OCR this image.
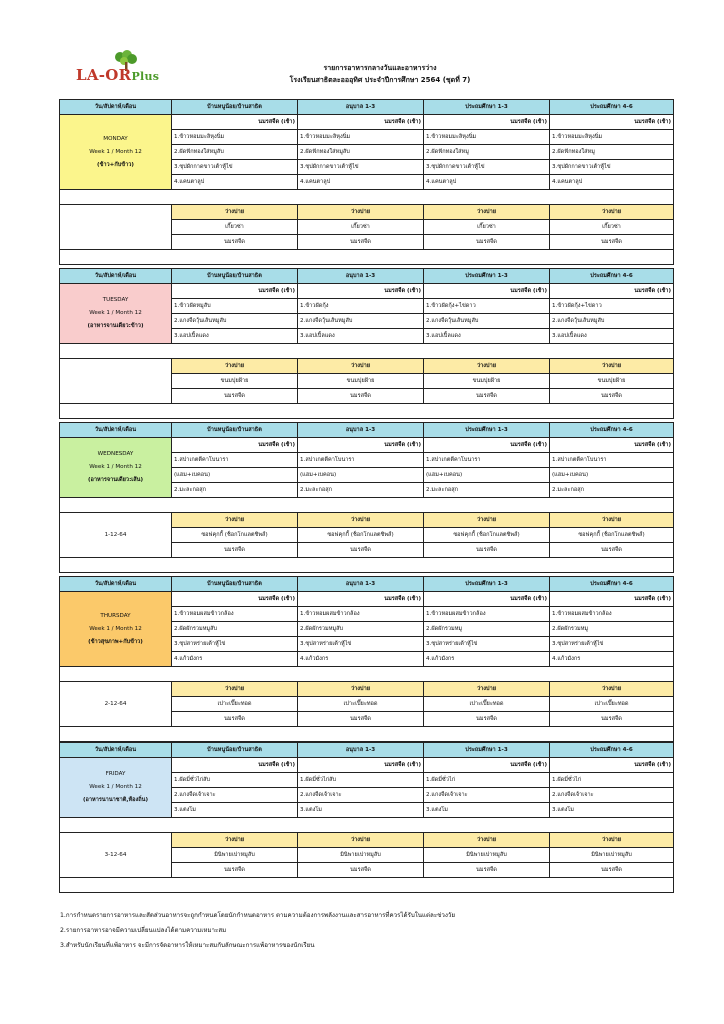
LA-ORPlus
รายการอาหารกลางวันและอาหารว่าง
โรงเรียนสาธิตละอออุทิศ ประจำปีการศึกษา 2564 (ชุดที่ 7)
วัน/สัปดาห์/เดือน	บ้านหนูน้อย/บ้านสาธิต	อนุบาล 1-3	ประถมศึกษา 1-3	ประถมศึกษา 4-6

MONDAY
Week 1 / Month 12
(ข้าว+กับข้าว)	นมรสจืด (เช้า)	นมรสจืด (เช้า)	นมรสจืด (เช้า)	นมรสจืด (เช้า)
	1.ข้าวหอมมะลิหุงนิ่ม	1.ข้าวหอมมะลิหุงนิ่ม	1.ข้าวหอมมะลิหุงนิ่ม	1.ข้าวหอมมะลิหุงนิ่ม
	2.ผัดฟักทองใส่หมูสับ	2.ผัดฟักทองใส่หมูสับ	2.ผัดฟักทองใส่หมู	2.ผัดฟักทองใส่หมู
	3.ซุปผักกาดขาวเต้าหู้ไข่	3.ซุปผักกาดขาวเต้าหู้ไข่	3.ซุปผักกาดขาวเต้าหู้ไข่	3.ซุปผักกาดขาวเต้าหู้ไข่
	4.แคนตาลูป	4.แคนตาลูป	4.แคนตาลูป	4.แคนตาลูป

	ว่างบ่าย	ว่างบ่าย	ว่างบ่าย	ว่างบ่าย
	เกี๊ยวซ่า	เกี๊ยวซ่า	เกี๊ยวซ่า	เกี๊ยวซ่า
	นมรสจืด	นมรสจืด	นมรสจืด	นมรสจืด

วัน/สัปดาห์/เดือน	บ้านหนูน้อย/บ้านสาธิต	อนุบาล 1-3	ประถมศึกษา 1-3	ประถมศึกษา 4-6

TUESDAY
Week 1 / Month 12
(อาหารจานเดียว:ข้าว)	นมรสจืด (เช้า)	นมรสจืด (เช้า)	นมรสจืด (เช้า)	นมรสจืด (เช้า)
	1.ข้าวผัดหมูสับ	1.ข้าวผัดกุ้ง	1.ข้าวผัดกุ้ง+ไข่ดาว	1.ข้าวผัดกุ้ง+ไข่ดาว
	2.แกงจืดวุ้นเส้นหมูสับ	2.แกงจืดวุ้นเส้นหมูสับ	2.แกงจืดวุ้นเส้นหมูสับ	2.แกงจืดวุ้นเส้นหมูสับ
	3.แอปเปิ้ลแดง	3.แอปเปิ้ลแดง	3.แอปเปิ้ลแดง	3.แอปเปิ้ลแดง

	ว่างบ่าย	ว่างบ่าย	ว่างบ่าย	ว่างบ่าย
	ขนมปุยฝ้าย	ขนมปุยฝ้าย	ขนมปุยฝ้าย	ขนมปุยฝ้าย
	นมรสจืด	นมรสจืด	นมรสจืด	นมรสจืด

วัน/สัปดาห์/เดือน	บ้านหนูน้อย/บ้านสาธิต	อนุบาล 1-3	ประถมศึกษา 1-3	ประถมศึกษา 4-6

WEDNESDAY
Week 1 / Month 12
(อาหารจานเดียว:เส้น)	นมรสจืด (เช้า)	นมรสจืด (เช้า)	นมรสจืด (เช้า)	นมรสจืด (เช้า)
	1.สปาเกตตีคาโบนารา	1.สปาเกตตีคาโบนารา	1.สปาเกตตีคาโบนารา	1.สปาเกตตีคาโบนารา
	(แฮม+เบคอน)	(แฮม+เบคอน)	(แฮม+เบคอน)	(แฮม+เบคอน)
	2.มะละกอสุก	2.มะละกอสุก	2.มะละกอสุก	2.มะละกอสุก

1-12-64	ว่างบ่าย	ว่างบ่าย	ว่างบ่าย	ว่างบ่าย
	ซอฟคุกกี้ (ช็อกโกแลตชิพส์)	ซอฟคุกกี้ (ช็อกโกแลตชิพส์)	ซอฟคุกกี้ (ช็อกโกแลตชิพส์)	ซอฟคุกกี้ (ช็อกโกแลตชิพส์)
	นมรสจืด	นมรสจืด	นมรสจืด	นมรสจืด

วัน/สัปดาห์/เดือน	บ้านหนูน้อย/บ้านสาธิต	อนุบาล 1-3	ประถมศึกษา 1-3	ประถมศึกษา 4-6

THURSDAY
Week 1 / Month 12
(ข้าวสุขภาพ+กับข้าว)	นมรสจืด (เช้า)	นมรสจืด (เช้า)	นมรสจืด (เช้า)	นมรสจืด (เช้า)
	1.ข้าวหอมผสมข้าวกล้อง	1.ข้าวหอมผสมข้าวกล้อง	1.ข้าวหอมผสมข้าวกล้อง	1.ข้าวหอมผสมข้าวกล้อง
	2.ผัดผักรวมหมูสับ	2.ผัดผักรวมหมูสับ	2.ผัดผักรวมหมู	2.ผัดผักรวมหมู
	3.ซุปสาหร่ายเต้าหู้ไข่	3.ซุปสาหร่ายเต้าหู้ไข่	3.ซุปสาหร่ายเต้าหู้ไข่	3.ซุปสาหร่ายเต้าหู้ไข่
	4.แก้วมังกร	4.แก้วมังกร	4.แก้วมังกร	4.แก้วมังกร

2-12-64	ว่างบ่าย	ว่างบ่าย	ว่างบ่าย	ว่างบ่าย
	เปาะเปี๊ยะทอด	เปาะเปี๊ยะทอด	เปาะเปี๊ยะทอด	เปาะเปี๊ยะทอด
	นมรสจืด	นมรสจืด	นมรสจืด	นมรสจืด

วัน/สัปดาห์/เดือน	บ้านหนูน้อย/บ้านสาธิต	อนุบาล 1-3	ประถมศึกษา 1-3	ประถมศึกษา 4-6

FRIDAY
Week 1 / Month 12
(อาหารนานาชาติ,ท้องถิ่น)	นมรสจืด (เช้า)	นมรสจืด (เช้า)	นมรสจืด (เช้า)	นมรสจืด (เช้า)
	1.ผัดมี่ซั่วไก่สับ	1.ผัดมี่ซั่วไก่สับ	1.ผัดมี่ซั่วไก่	1.ผัดมี่ซั่วไก่
	2.แกงจืดเจ้าเจาะ	2.แกงจืดเจ้าเจาะ	2.แกงจืดเจ้าเจาะ	2.แกงจืดเจ้าเจาะ
	3.แตงโม	3.แตงโม	3.แตงโม	3.แตงโม

3-12-64	ว่างบ่าย	ว่างบ่าย	ว่างบ่าย	ว่างบ่าย
	มินิพายเปาหมูสับ	มินิพายเปาหมูสับ	มินิพายเปาหมูสับ	มินิพายเปาหมูสับ
	นมรสจืด	นมรสจืด	นมรสจืด	นมรสจืด

1.การกำหนดรายการอาหารและสัดส่วนอาหารจะถูกกำหนดโดยนักกำหนดอาหาร ตามความต้องการพลังงานและสารอาหารที่ควรได้รับในแต่ละช่วงวัย
2.รายการอาหารอาจมีความเปลี่ยนแปลงได้ตามความเหมาะสม
3.สำหรับนักเรียนที่แพ้อาหาร จะมีการจัดอาหารให้เหมาะสมกับลักษณะการแพ้อาหารของนักเรียน
